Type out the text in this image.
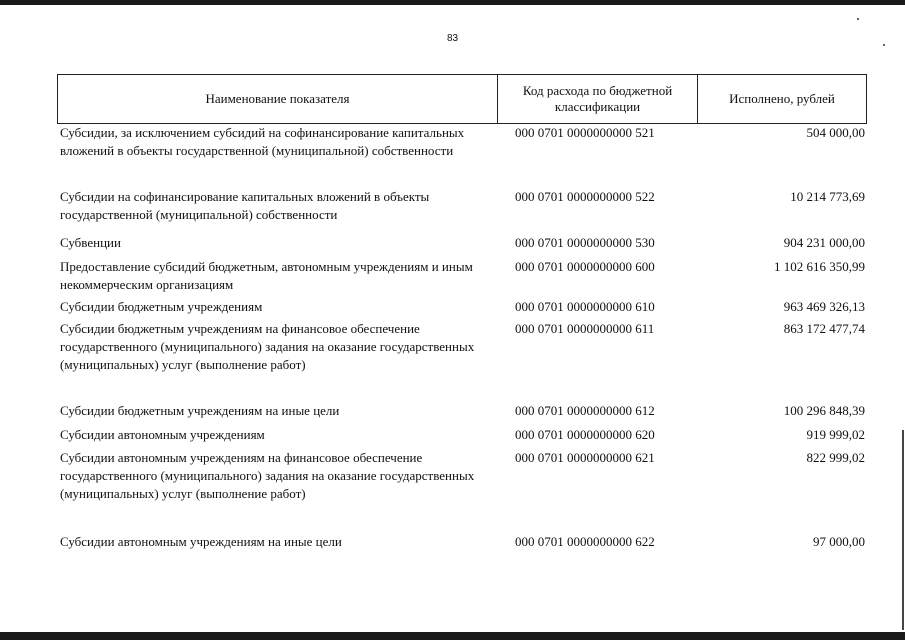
83
Наименование показателя
Код расхода по бюджетной классификации
Исполнено, рублей
Субсидии, за исключением субсидий на софинансирование капитальных вложений в объекты государственной (муниципальной) собственности
000 0701 0000000000 521	504 000,00
Субсидии на софинансирование капитальных вложений в объекты государственной (муниципальной) собственности
000 0701 0000000000 522	10 214 773,69
Субвенции	000 0701 0000000000 530	904 231 000,00
Предоставление субсидий бюджетным, автономным учреждениям и иным некоммерческим организациям
000 0701 0000000000 600	1 102 616 350,99
Субсидии бюджетным учреждениям	000 0701 0000000000 610	963 469 326,13
Субсидии бюджетным учреждениям на финансовое обеспечение государственного (муниципального) задания на оказание государственных (муниципальных) услуг (выполнение работ)
000 0701 0000000000 611	863 172 477,74
Субсидии бюджетным учреждениям на иные цели	000 0701 0000000000 612	100 296 848,39
Субсидии автономным учреждениям	000 0701 0000000000 620	919 999,02
Субсидии автономным учреждениям на финансовое обеспечение государственного (муниципального) задания на оказание государственных (муниципальных) услуг (выполнение работ)
000 0701 0000000000 621	822 999,02
Субсидии автономным учреждениям на иные цели	000 0701 0000000000 622	97 000,00
